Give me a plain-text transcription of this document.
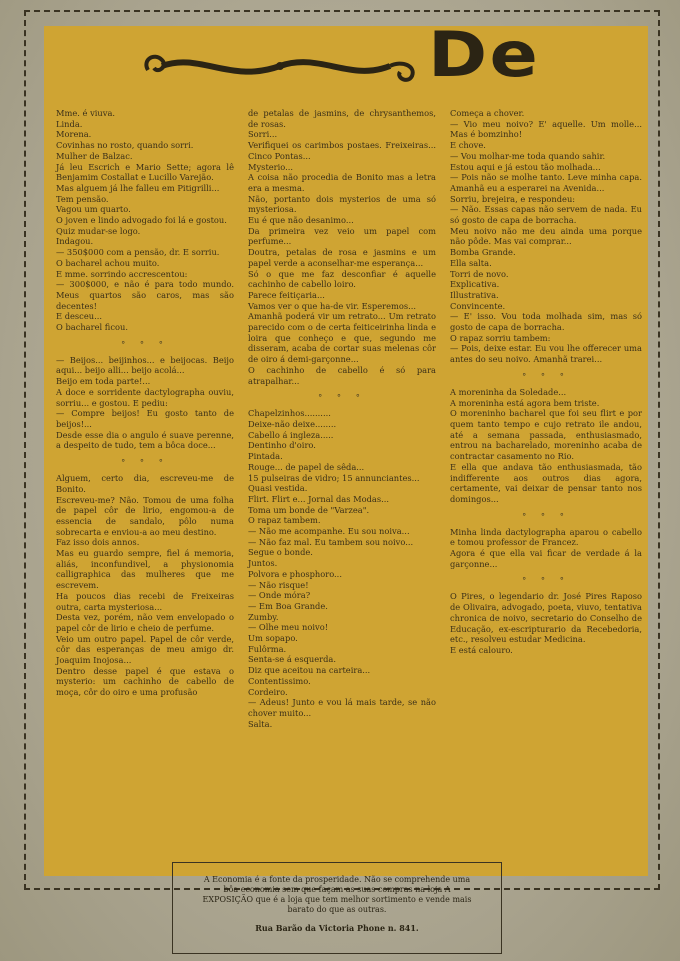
De

Mme. é viuva.

Linda.

Morena.

Covinhas no rosto, quando sorri.

Mulher de Balzac.

Já leu Escrich e Mario Sette; agora lê Benjamim Costallat e Lucillo Varejão.

Mas alguem já lhe falleu em Pitigrilli...

Tem pensão.

Vagou um quarto.

O joven e lindo advogado foi lá e gostou.

Quiz mudar-se logo.

Indagou.

— 350$000 com a pensão, dr. E sorriu.

O bacharel achou muito.

E mme. sorrindo accrescentou:

— 300$000, e não é para todo mundo. Meus quartos são caros, mas são decentes!

E desceu...

O bacharel ficou.

° ° °

— Beijos... beijinhos... e beijocas. Beijo aqui... beijo alli... beijo acolá...

Beijo em toda parte!...

A doce e sorridente dactylographa ouviu, sorriu... e gostou. E pediu:

— Compre beijos! Eu gosto tanto de beijos!...

Desde esse dia o angulo é suave perenne, a despeito de tudo, tem a bôca doce...

° ° °

Alguem, certo dia, escreveu-me de Bonito.

Escreveu-me? Não. Tomou de uma folha de papel côr de lirio, engomou-a de essencia de sandalo, pôlo numa sobrecarta e enviou-a ao meu destino.

Faz isso dois annos.

Mas eu guardo sempre, fiel á memoria, aliás, inconfundivel, a physionomia calligraphica das mulheres que me escrevem.

Ha poucos dias recebi de Freixeiras outra, carta mysteriosa...

Desta vez, porém, não vem envelopado o papel côr de lirio e cheio de perfume.

Veio um outro papel. Papel de côr verde, côr das esperanças de meu amigo dr. Joaquim Inojosa...

Dentro desse papel é que estava o mysterio: um cachinho de cabello de moça, côr do oiro e uma profusão

de petalas de jasmins, de chrysanthemos, de rosas.

Sorri...

Verifiquei os carimbos postaes. Freixeiras... Cinco Pontas...

Mysterio...

A coisa não procedia de Bonito mas a letra era a mesma.

Não, portanto dois mysterios de uma só mysteriosa.

Eu é que não desanimo...

Da primeira vez veio um papel com perfume...

Doutra, petalas de rosa e jasmins e um papel verde a aconselhar-me esperança...

Só o que me faz desconfiar é aquelle cachinho de cabello loiro.

Parece feitiçaria...

Vamos ver o que ha-de vir. Esperemos...

Amanhã poderá vir um retrato... Um retrato parecido com o de certa feiticeirinha linda e loira que conheço e que, segundo me disseram, acaba de cortar suas melenas côr de oiro á demi-garçonne...

O cachinho de cabello é só para atrapalhar...

° ° °

Chapelzinhos..........

Deixe-não deixe........

Cabello á ingleza.....

Dentinho d'oiro.

Pintada.

Rouge... de papel de sêda...

15 pulseiras de vidro; 15 annunciantes...

Quasi vestida.

Flirt. Flirt e... Jornal das Modas...

Toma um bonde de "Varzea".

O rapaz tambem.

— Não me acompanhe. Eu sou noiva...

— Não faz mal. Eu tambem sou noivo...

Segue o bonde.

Juntos.

Polvora e phosphoro...

— Não risque!

— Onde móra?

— Em Boa Grande.

Zumby.

— Olhe meu noivo!

Um sopapo.

Fulôrma.

Senta-se á esquerda.

Diz que aceitou na carteira...

Contentissimo.

Cordeiro.

— Adeus! Junto e vou lá mais tarde, se não chover muito...

Salta.

Começa a chover.

— Vio meu noivo? E' aquelle. Um molle... Mas é bomzinho!

E chove.

— Vou molhar-me toda quando sahir.

Estou aqui e já estou tão molhada...

— Pois não se molhe tanto. Leve minha capa. Amanhã eu a esperarei na Avenida...

Sorriu, brejeira, e respondeu:

— Não. Essas capas não servem de nada. Eu só gosto de capa de borracha.

Meu noivo não me deu ainda uma porque não pôde. Mas vai comprar...

Bomba Grande.

Ella salta.

Torri de novo.

Explicativa.

Illustrativa.

Convincente.

— E' isso. Vou toda molhada sim, mas só gosto de capa de borracha.

O rapaz sorriu tambem:

— Pois, deixe estar. Eu vou lhe offerecer uma antes do seu noivo. Amanhã trarei...

° ° °

A moreninha da Soledade...

A moreninha está agora bem triste.

O moreninho bacharel que foi seu flirt e por quem tanto tempo e cujo retrato ile andou, até a semana passada, enthusiasmado, entrou na bacharelado, moreninho acaba de contractar casamento no Rio.

E ella que andava tão enthusiasmada, tão indifferente aos outros dias agora, certamente, vai deixar de pensar tanto nos domingos...

° ° °

Minha linda dactylographa aparou o cabello e tomou professor de Francez.

Agora é que ella vai ficar de verdade á la garçonne...

° ° °

O Pires, o legendario dr. José Pires Raposo de Olivaira, advogado, poeta, viuvo, tentativa chronica de noivo, secretario do Conselho de Educação, ex-escripturario da Recebedoria, etc., resolveu estudar Medicina.

E está calouro.

A Economia é a fonte da prosperidade. Não se comprehende uma bôa economia sem que façam as suas compras na loja A EXPOSIÇÃO que é a loja que tem melhor sortimento e vende mais barato do que as outras.
Rua Barão da Victoria Phone n. 841.
